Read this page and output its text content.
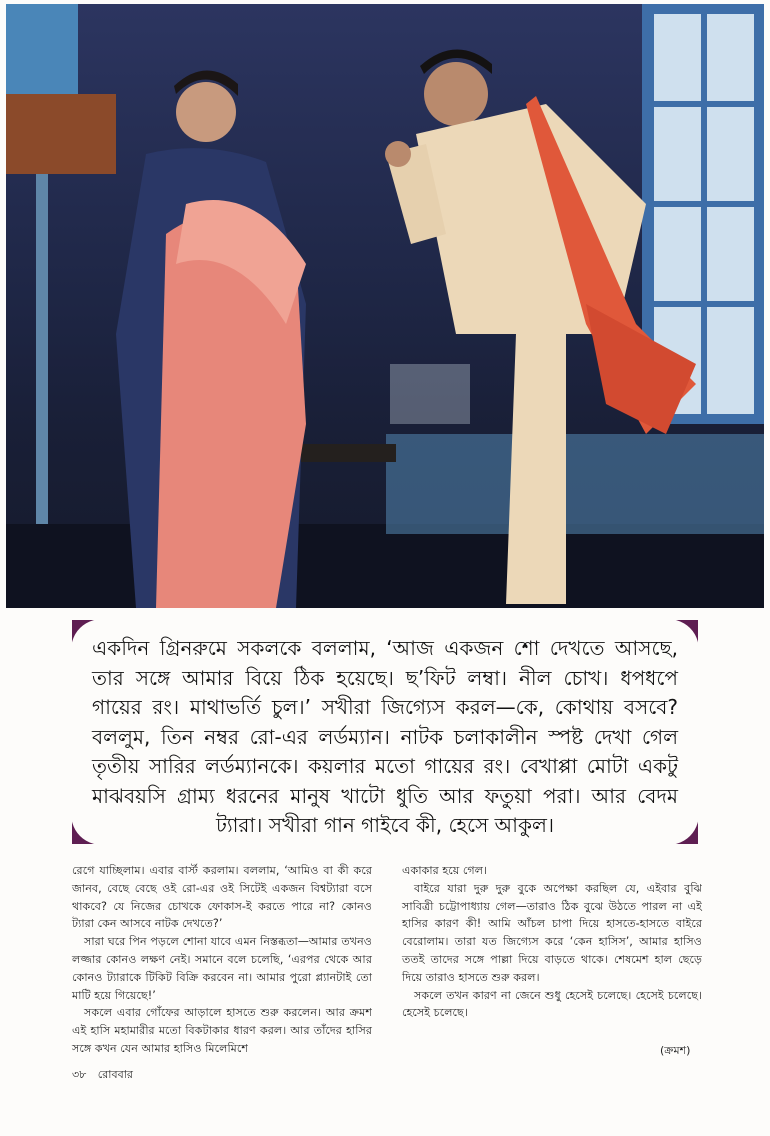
একদিন গ্রিনরুমে সকলকে বললাম, ‘আজ একজন শো দেখতে আসছে, তার সঙ্গে আমার বিয়ে ঠিক হয়েছে। ছ’ফিট লম্বা। নীল চোখ। ধপধপে গায়ের রং। মাথাভর্তি চুল।’ সখীরা জিগ্যেস করল—কে, কোথায় বসবে? বললুম, তিন নম্বর রো-এর লর্ডম্যান। নাটক চলাকালীন স্পষ্ট দেখা গেল তৃতীয় সারির লর্ডম্যানকে। কয়লার মতো গায়ের রং। বেখাপ্পা মোটা একটু মাঝবয়সি গ্রাম্য ধরনের মানুষ খাটো ধুতি আর ফতুয়া পরা। আর বেদম ট্যারা। সখীরা গান গাইবে কী, হেসে আকুল।

রেগে যাচ্ছিলাম। এবার বার্স্ট করলাম। বললাম, ‘আমিও বা কী করে জানব, বেছে বেছে ওই রো-এর ওই সিটেই একজন বিশ্বট্যারা বসে থাকবে? যে নিজের চোখকে ফোকাস-ই করতে পারে না? কোনও ট্যারা কেন আসবে নাটক দেখতে?’

সারা ঘরে পিন পড়লে শোনা যাবে এমন নিস্তব্ধতা—আমার তখনও লজ্জার কোনও লক্ষণ নেই। সমানে বলে চলেছি, ‘এরপর থেকে আর কোনও ট্যারাকে টিকিট বিক্রি করবেন না। আমার পুরো প্ল্যানটাই তো মাটি হয়ে গিয়েছে!’

সকলে এবার গোঁফের আড়ালে হাসতে শুরু করলেন। আর ক্রমশ এই হাসি মহামারীর মতো বিকটাকার ধারণ করল। আর তাঁদের হাসির সঙ্গে কখন যেন আমার হাসিও মিলেমিশে

একাকার হয়ে গেল।

বাইরে যারা দুরু দুরু বুকে অপেক্ষা করছিল যে, এইবার বুঝি সাবিত্রী চট্টোপাধ্যায় গেল—তারাও ঠিক বুঝে উঠতে পারল না এই হাসির কারণ কী! আমি আঁচল চাপা দিয়ে হাসতে-হাসতে বাইরে বেরোলাম। তারা যত জিগ্যেস করে ‘কেন হাসিস’, আমার হাসিও ততই তাদের সঙ্গে পাল্লা দিয়ে বাড়তে থাকে। শেষমেশ হাল ছেড়ে দিয়ে তারাও হাসতে শুরু করল।

সকলে তখন কারণ না জেনে শুধু হেসেই চলেছে। হেসেই চলেছে। হেসেই চলেছে।

(ক্রমশ)
৩৮ রোববার
